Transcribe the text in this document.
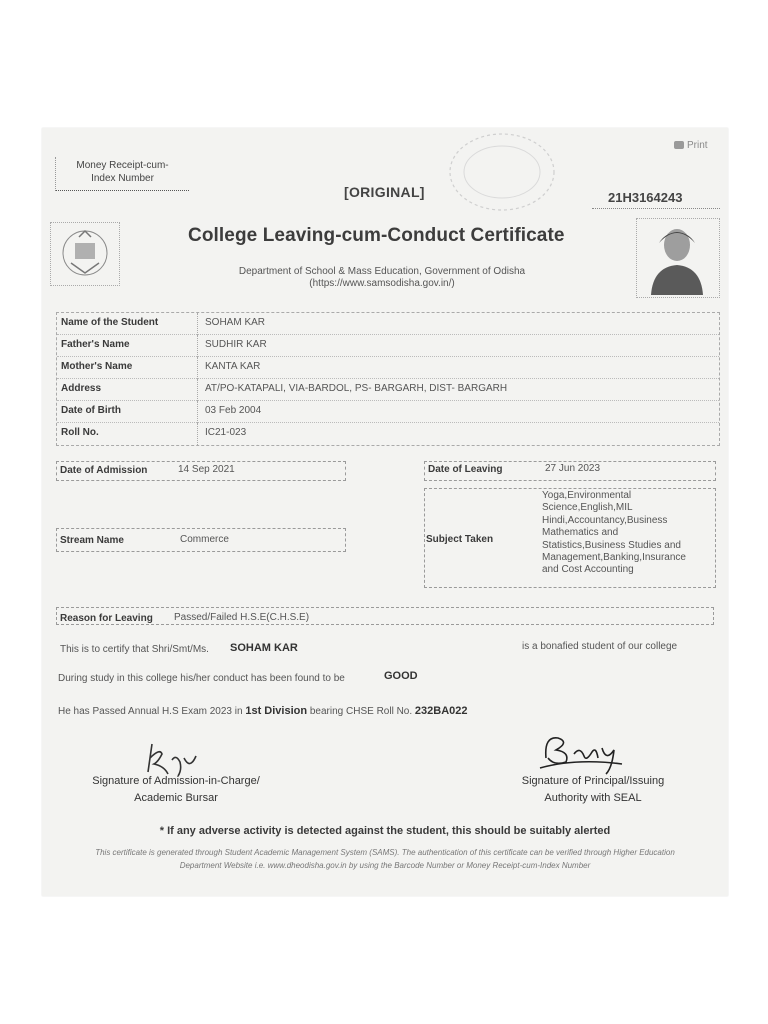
Print
Money Receipt-cum-
Index Number
[ORIGINAL]	21H3164243
College Leaving-cum-Conduct Certificate
Department of School & Mass Education, Government of Odisha
(https://www.samsodisha.gov.in/)
Name of the Student	SOHAM KAR
Father's Name	SUDHIR KAR
Mother's Name	KANTA KAR
Address	AT/PO-KATAPALI, VIA-BARDOL, PS- BARGARH, DIST- BARGARH
Date of Birth	03 Feb 2004
Roll No.	IC21-023
Date of Admission	14 Sep 2021	Date of Leaving	27 Jun 2023
Stream Name	Commerce	Subject Taken
Yoga,Environmental
Science,English,MIL
Hindi,Accountancy,Business
Mathematics and
Statistics,Business Studies and
Management,Banking,Insurance
and Cost Accounting
Reason for Leaving Passed/Failed H.S.E(C.H.S.E)
This is to certify that Shri/Smt/Ms. SOHAM KAR	is a bonafied student of our college
During study in this college his/her conduct has been found to be	GOOD
He has Passed Annual H.S Exam 2023 in 1st Division bearing CHSE Roll No. 232BA022
Signature of Admission-in-Charge/
Academic Bursar
Signature of Principal/Issuing
Authority with SEAL
* If any adverse activity is detected against the student, this should be suitably alerted
This certificate is generated through Student Academic Management System (SAMS). The authentication of this certificate can be verified through Higher Education
Department Website i.e. www.dheodisha.gov.in by using the Barcode Number or Money Receipt-cum-Index Number
